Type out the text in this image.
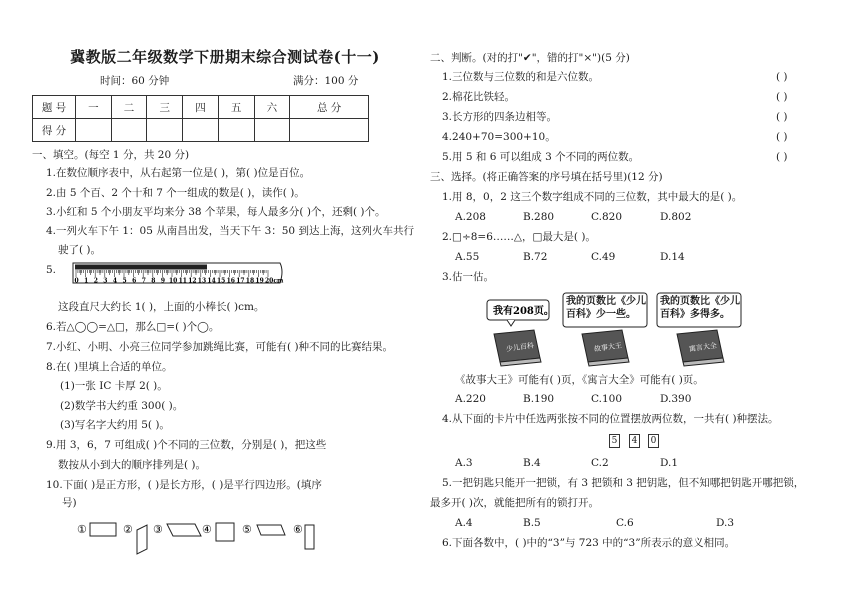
冀教版二年级数学下册期末综合测试卷(十一)
时间：60 分钟	满分：100 分
题 号	一	二	三	四	五	六	总 分
得 分							
一、填空。(每空 1 分，共 20 分)
1.在数位顺序表中，从右起第一位是( )，第( )位是百位。
2.由 5 个百、2 个十和 7 个一组成的数是( )，读作( )。
3.小红和 5 个小朋友平均来分 38 个苹果，每人最多分( )个，还剩( )个。
4.一列火车下午 1：05 从南昌出发，当天下午 3：50 到达上海，这列火车共行
驶了( )。
5.
0 1 2 3 4 5 6 7 8 9 10 11 12 13 14 15 16 17 18 19 20cm
这段直尺大约长 1( )，上面的小棒长( )cm。
6.若△◯◯=△□，那么□=( )个◯。
7.小红、小明、小亮三位同学参加跳绳比赛，可能有( )种不同的比赛结果。
8.在( )里填上合适的单位。
(1)一张 IC 卡厚 2( )。
(2)数学书大约重 300( )。
(3)写名字大约用 5( )。
9.用 3，6，7 可组成( )个不同的三位数，分别是( )，把这些
数按从小到大的顺序排列是( )。
10.下面( )是正方形，( )是长方形，( )是平行四边形。(填序
号)
①	② ③	④	⑤	⑥
二、判断。(对的打"✔"，错的打"×")(5 分)
1.三位数与三位数的和是六位数。	( )
2.棉花比铁轻。	( )
3.长方形的四条边相等。	( )
4.240+70=300+10。	( )
5.用 5 和 6 可以组成 3 个不同的两位数。	( )
三、选择。(将正确答案的序号填在括号里)(12 分)
1.用 8，0，2 这三个数字组成不同的三位数，其中最大的是( )。
A.208	B.280	C.820	D.802
2.□÷8=6……△，□最大是( )。
A.55	B.72	C.49	D.14
3.估一估。
我有208页。
我的页数比《少儿百科》少一些。
我的页数比《少儿百科》多得多。
少儿百科	故事大王	寓言大全
《故事大王》可能有( )页，《寓言大全》可能有( )页。
A.220	B.190	C.100	D.390
4.从下面的卡片中任选两张按不同的位置摆放两位数，一共有( )种摆法。
5 4 0
A.3	B.4	C.2	D.1
5.一把钥匙只能开一把锁，有 3 把锁和 3 把钥匙，但不知哪把钥匙开哪把锁，
最多开( )次，就能把所有的锁打开。
A.4	B.5	C.6	D.3
6.下面各数中，( )中的“3”与 723 中的“3”所表示的意义相同。
